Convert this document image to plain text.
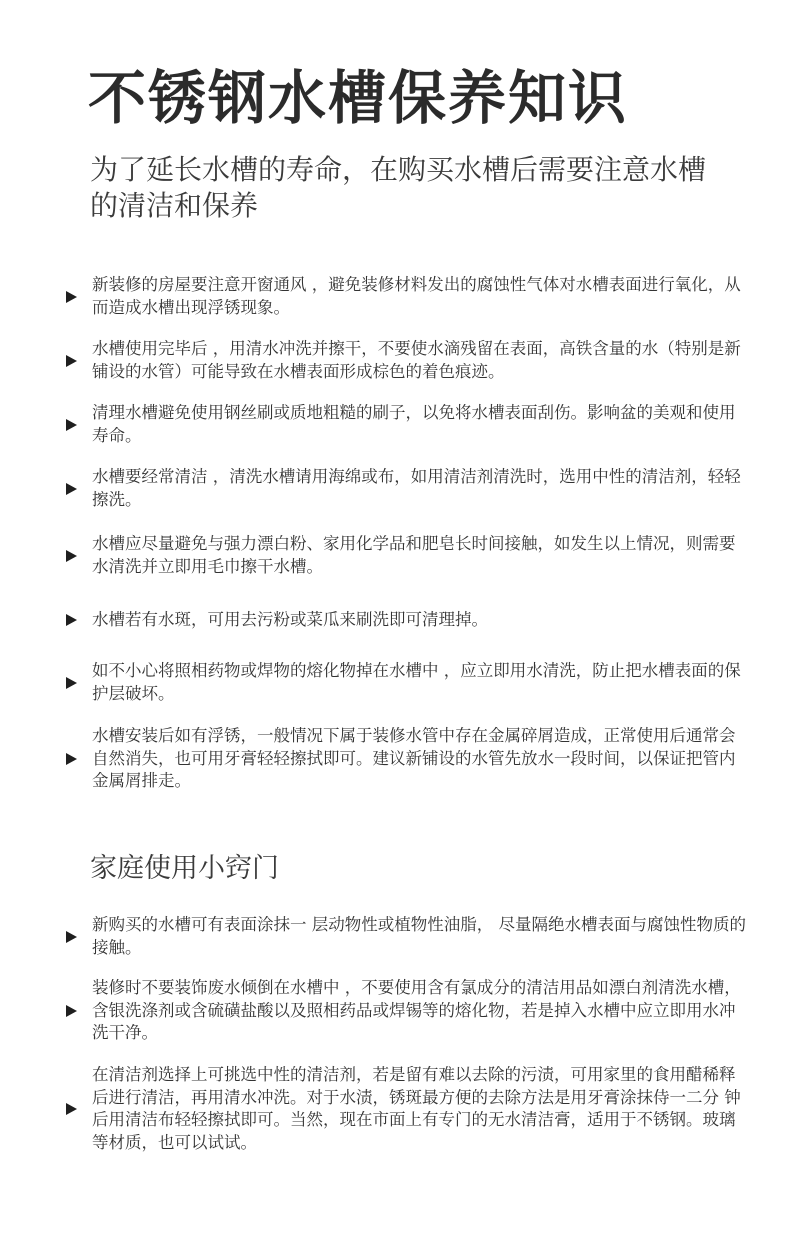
不锈钢水槽保养知识
为了延长水槽的寿命，在购买水槽后需要注意水槽的清洁和保养
新装修的房屋要注意开窗通风 ，避免装修材料发出的腐蚀性气体对水槽表面进行氧化，从而造成水槽出现浮锈现象。
水槽使用完毕后 ，用清水冲洗并擦干，不要使水滴残留在表面，高铁含量的水（特别是新铺设的水管）可能导致在水槽表面形成棕色的着色痕迹。
清理水槽避免使用钢丝刷或质地粗糙的刷子，以免将水槽表面刮伤。影响盆的美观和使用寿命。
水槽要经常清洁 ，清洗水槽请用海绵或布，如用清洁剂清洗时，选用中性的清洁剂，轻轻擦洗。
水槽应尽量避免与强力漂白粉、家用化学品和肥皂长时间接触，如发生以上情况，则需要水清洗并立即用毛巾擦干水槽。
水槽若有水斑，可用去污粉或菜瓜来刷洗即可清理掉。
如不小心将照相药物或焊物的熔化物掉在水槽中 ，应立即用水清洗，防止把水槽表面的保护层破坏。
水槽安装后如有浮锈，一般情况下属于装修水管中存在金属碎屑造成，正常使用后通常会自然消失，也可用牙膏轻轻擦拭即可。建议新铺设的水管先放水一段时间，以保证把管内金属屑排走。
家庭使用小窍门
新购买的水槽可有表面涂抹一 层动物性或植物性油脂， 尽量隔绝水槽表面与腐蚀性物质的接触。
装修时不要装饰废水倾倒在水槽中 ，不要使用含有氯成分的清洁用品如漂白剂清洗水槽，含银洗涤剂或含硫磺盐酸以及照相药品或焊锡等的熔化物，若是掉入水槽中应立即用水冲洗干净。
在清洁剂选择上可挑选中性的清洁剂，若是留有难以去除的污渍，可用家里的食用醋稀释后进行清洁，再用清水冲洗。对于水渍，锈斑最方便的去除方法是用牙膏涂抹侍一二分 钟后用清洁布轻轻擦拭即可。当然，现在市面上有专门的无水清洁膏，适用于不锈钢。玻璃等材质，也可以试试。
